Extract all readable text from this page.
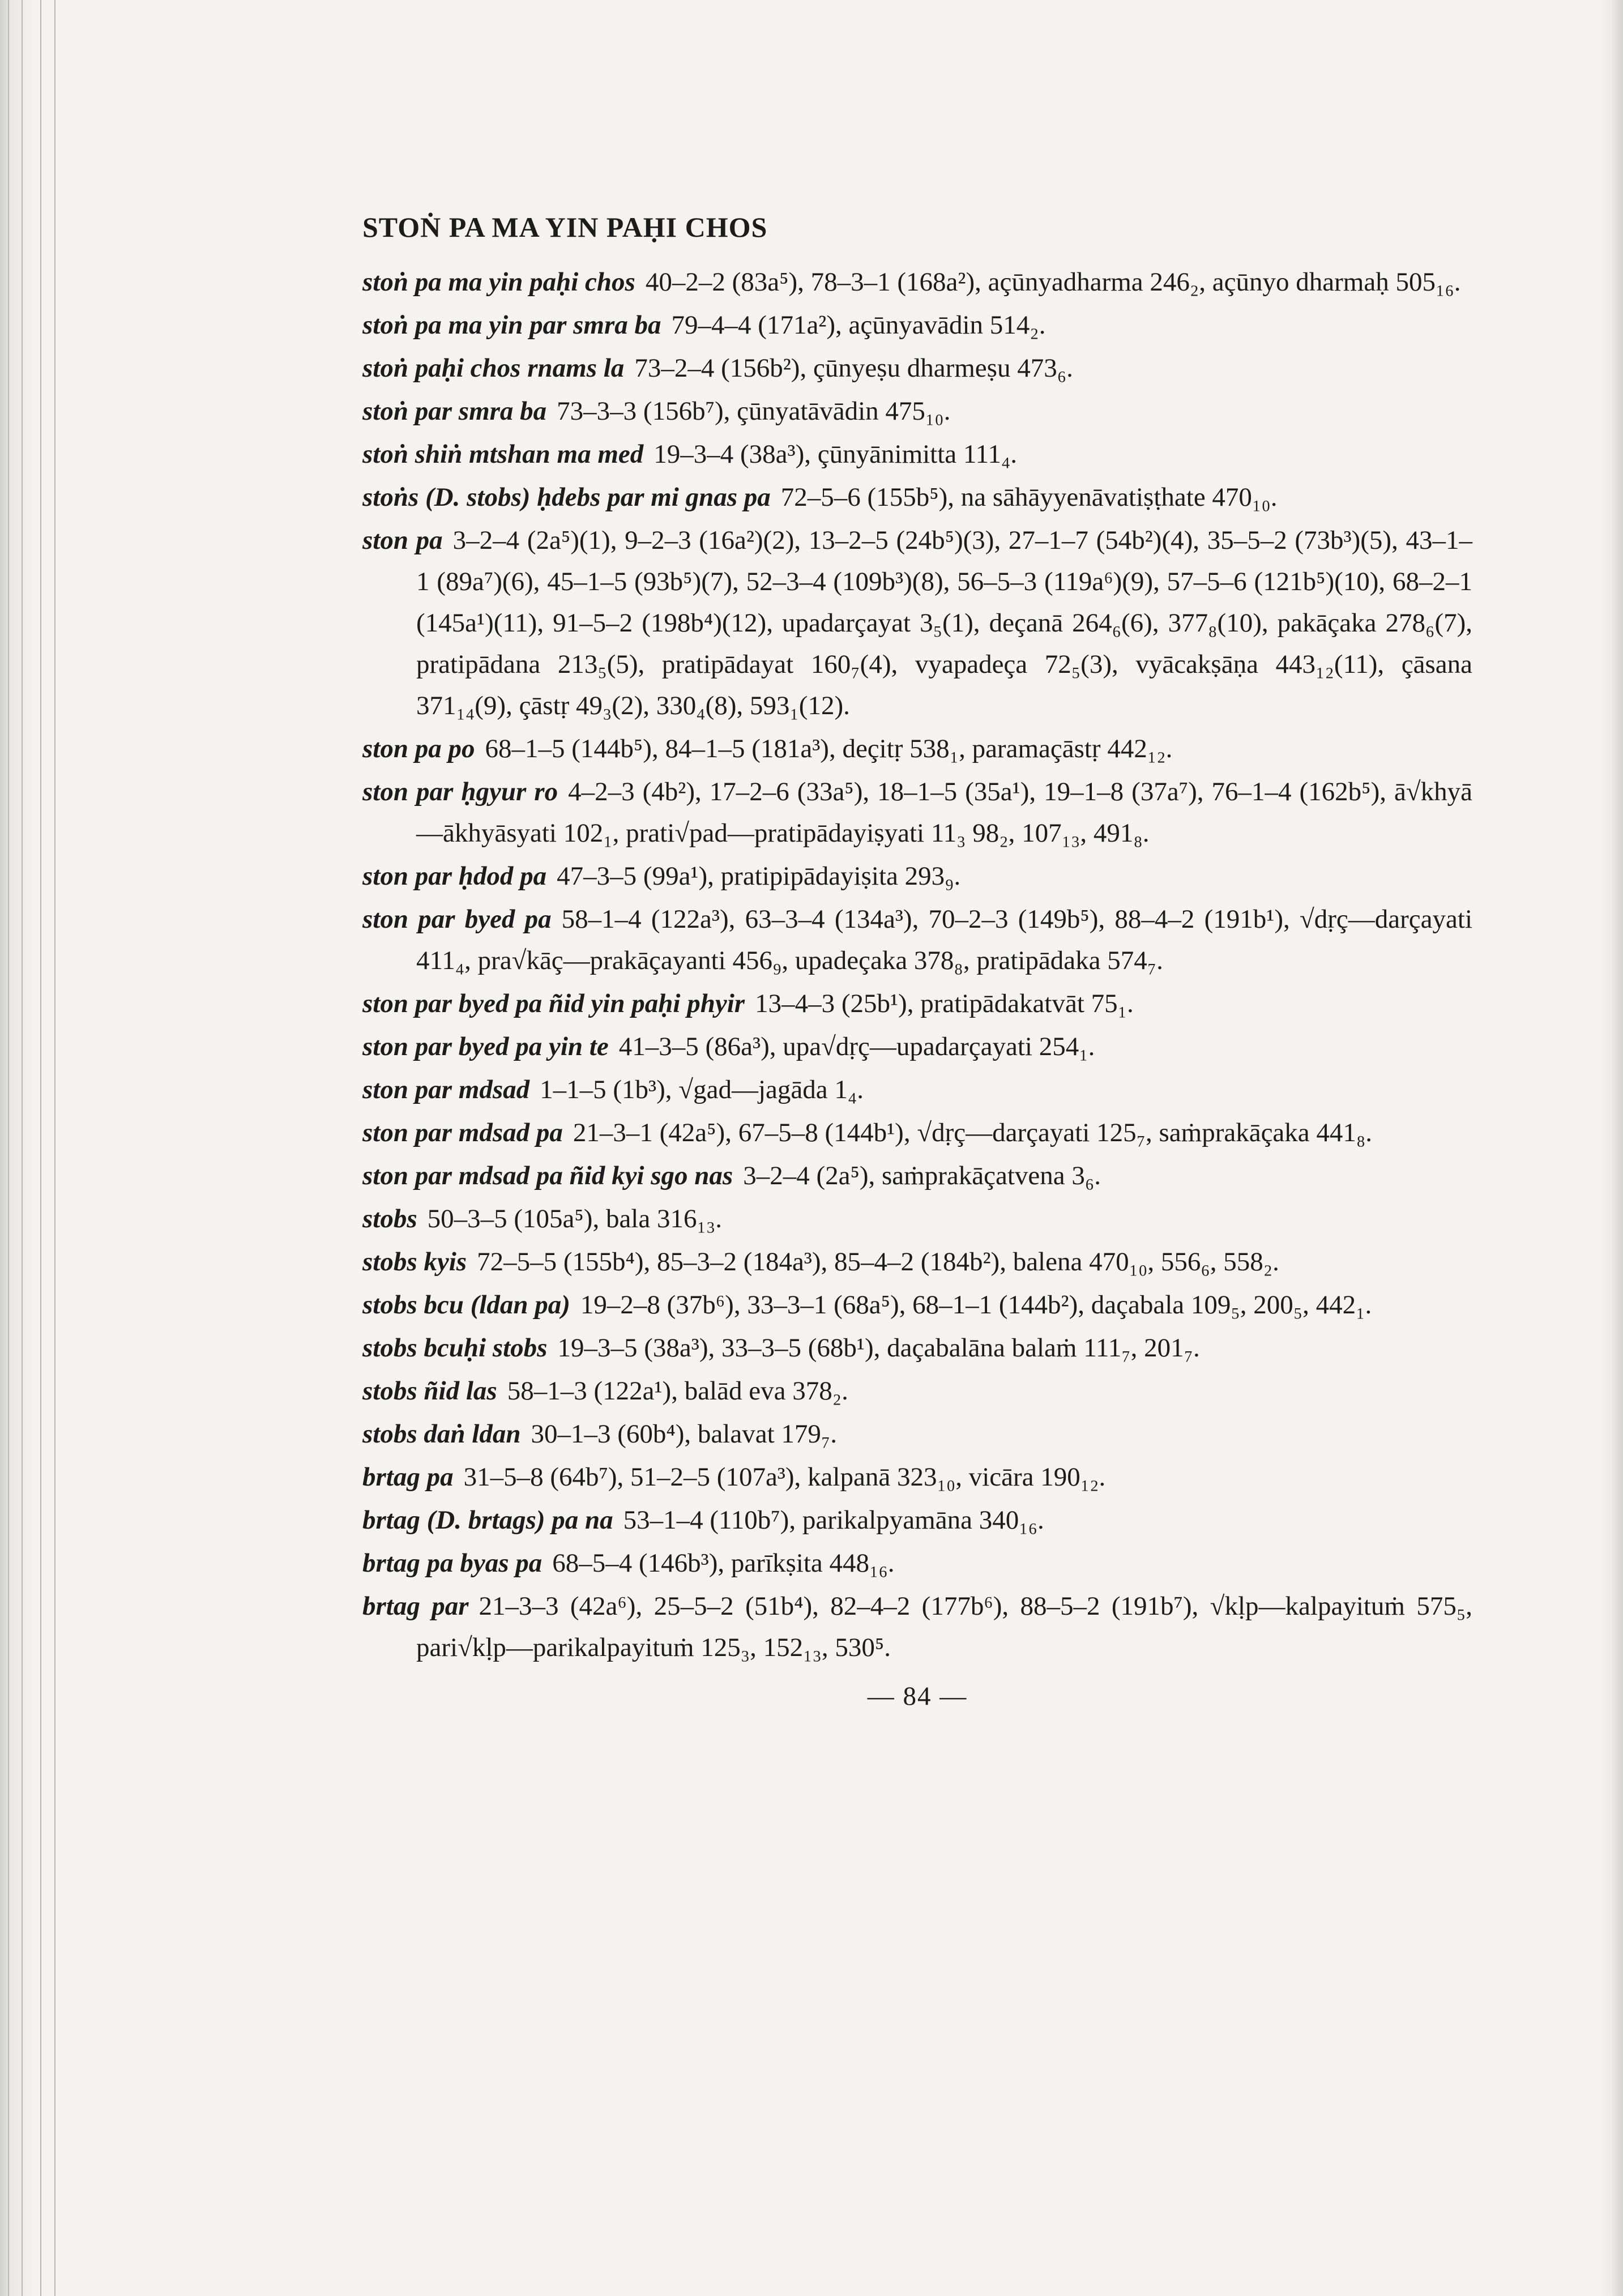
STOṄ PA MA YIN PAḤI CHOS
stoṅ pa ma yin paḥi chos 40–2–2 (83a⁵), 78–3–1 (168a²), açūnyadharma 246₂, açūnyo dharmaḥ 505₁₆.
stoṅ pa ma yin par smra ba 79–4–4 (171a²), açūnyavādin 514₂.
stoṅ paḥi chos rnams la 73–2–4 (156b²), çūnyeṣu dharmeṣu 473₆.
stoṅ par smra ba 73–3–3 (156b⁷), çūnyatāvādin 475₁₀.
stoṅ shiṅ mtshan ma med 19–3–4 (38a³), çūnyānimitta 111₄.
stoṅs (D. stobs) ḥdebs par mi gnas pa 72–5–6 (155b⁵), na sāhāyyenāvatiṣṭhate 470₁₀.
ston pa 3–2–4 (2a⁵)(1), 9–2–3 (16a²)(2), 13–2–5 (24b⁵)(3), 27–1–7 (54b²)(4), 35–5–2 (73b³)(5), 43–1–1 (89a⁷)(6), 45–1–5 (93b⁵)(7), 52–3–4 (109b³)(8), 56–5–3 (119a⁶)(9), 57–5–6 (121b⁵)(10), 68–2–1 (145a¹)(11), 91–5–2 (198b⁴)(12), upadarçayat 3₅(1), deçanā 264₆(6), 377₈(10), pakāçaka 278₆(7), pratipādana 213₅(5), pratipādayat 160₇(4), vyapadeça 72₅(3), vyācakṣāṇa 443₁₂(11), çāsana 371₁₄(9), çāstṛ 49₃(2), 330₄(8), 593₁(12).
ston pa po 68–1–5 (144b⁵), 84–1–5 (181a³), deçitṛ 538₁, paramaçāstṛ 442₁₂.
ston par ḥgyur ro 4–2–3 (4b²), 17–2–6 (33a⁵), 18–1–5 (35a¹), 19–1–8 (37a⁷), 76–1–4 (162b⁵), ā√khyā—ākhyāsyati 102₁, prati√pad—pratipādayiṣyati 11₃ 98₂, 107₁₃, 491₈.
ston par ḥdod pa 47–3–5 (99a¹), pratipipādayiṣita 293₉.
ston par byed pa 58–1–4 (122a³), 63–3–4 (134a³), 70–2–3 (149b⁵), 88–4–2 (191b¹), √dṛç—darçayati 411₄, pra√kāç—prakāçayanti 456₉, upadeçaka 378₈, pratipādaka 574₇.
ston par byed pa ñid yin paḥi phyir 13–4–3 (25b¹), pratipādakatvāt 75₁.
ston par byed pa yin te 41–3–5 (86a³), upa√dṛç—upadarçayati 254₁.
ston par mdsad 1–1–5 (1b³), √gad—jagāda 1₄.
ston par mdsad pa 21–3–1 (42a⁵), 67–5–8 (144b¹), √dṛç—darçayati 125₇, saṁprakāçaka 441₈.
ston par mdsad pa ñid kyi sgo nas 3–2–4 (2a⁵), saṁprakāçatvena 3₆.
stobs 50–3–5 (105a⁵), bala 316₁₃.
stobs kyis 72–5–5 (155b⁴), 85–3–2 (184a³), 85–4–2 (184b²), balena 470₁₀, 556₆, 558₂.
stobs bcu (ldan pa) 19–2–8 (37b⁶), 33–3–1 (68a⁵), 68–1–1 (144b²), daçabala 109₅, 200₅, 442₁.
stobs bcuḥi stobs 19–3–5 (38a³), 33–3–5 (68b¹), daçabalāna balaṁ 111₇, 201₇.
stobs ñid las 58–1–3 (122a¹), balād eva 378₂.
stobs daṅ ldan 30–1–3 (60b⁴), balavat 179₇.
brtag pa 31–5–8 (64b⁷), 51–2–5 (107a³), kalpanā 323₁₀, vicāra 190₁₂.
brtag (D. brtags) pa na 53–1–4 (110b⁷), parikalpyamāna 340₁₆.
brtag pa byas pa 68–5–4 (146b³), parīkṣita 448₁₆.
brtag par 21–3–3 (42a⁶), 25–5–2 (51b⁴), 82–4–2 (177b⁶), 88–5–2 (191b⁷), √kḷp—kalpayituṁ 575₅, pari√kḷp—parikalpayituṁ 125₃, 152₁₃, 530⁵.
— 84 —
